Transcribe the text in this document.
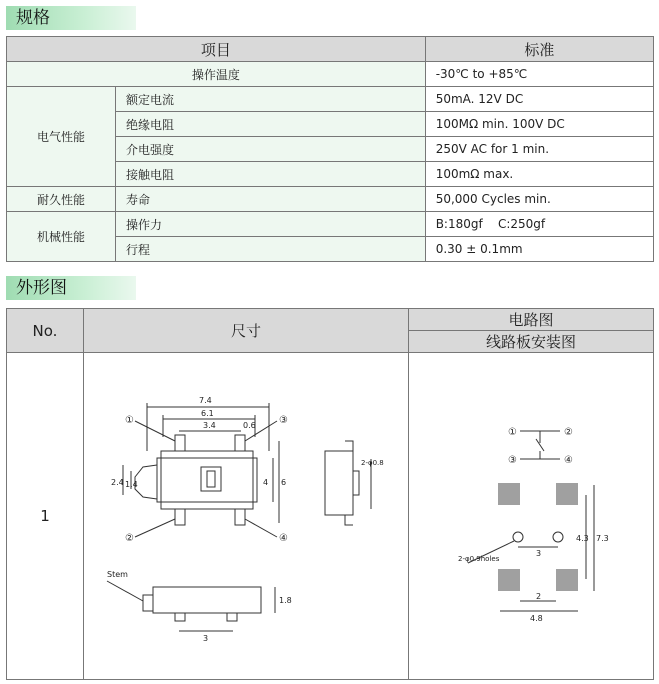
规格
项目		标准
操作温度		-30℃ to +85℃
电气性能	额定电流	50mA. 12V DC
	绝缘电阻	100MΩ min. 100V DC
	介电强度	250V AC for 1 min.
	接触电阻	100mΩ max.
耐久性能	寿命	50,000 Cycles min.
机械性能	操作力	B:180gf    C:250gf
	行程	0.30 ± 0.1mm
外形图
No.	尺寸	电路图
		线路板安装图
1		
7.4
6.1
3.4	0.6
2.4 1.4	4 6
2-φ0.8
Stem
3
1.8
①	③
②	④
①	②
③	④
2-φ0.9holes
3
2
4.8
4.3 7.3
